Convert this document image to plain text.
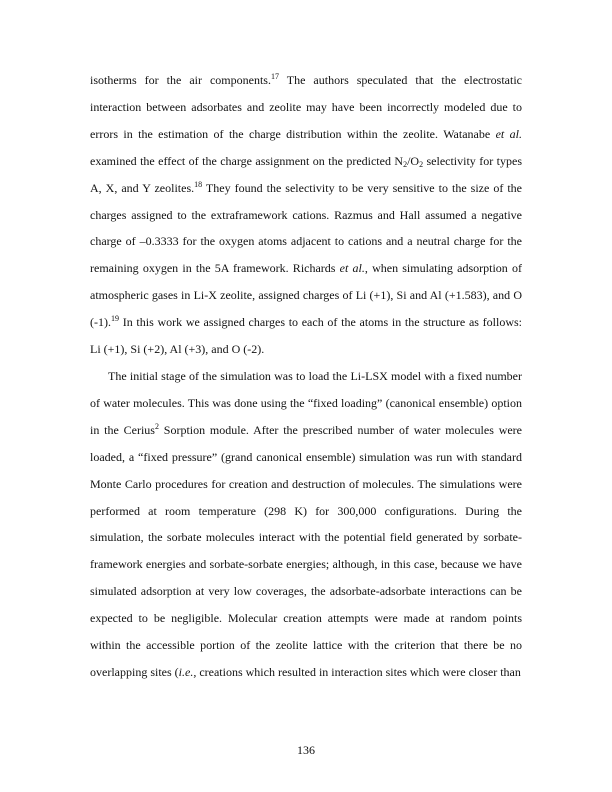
isotherms for the air components.$^{17}$ The authors speculated that the electrostatic interaction between adsorbates and zeolite may have been incorrectly modeled due to errors in the estimation of the charge distribution within the zeolite. Watanabe et al. examined the effect of the charge assignment on the predicted $N_2/O_2$ selectivity for types A, X, and Y zeolites.$^{18}$ They found the selectivity to be very sensitive to the size of the charges assigned to the extraframework cations. Razmus and Hall assumed a negative charge of –0.3333 for the oxygen atoms adjacent to cations and a neutral charge for the remaining oxygen in the 5A framework. Richards et al., when simulating adsorption of atmospheric gases in Li-X zeolite, assigned charges of Li (+1), Si and Al (+1.583), and O (-1).$^{19}$ In this work we assigned charges to each of the atoms in the structure as follows: Li (+1), Si (+2), Al (+3), and O (-2).

The initial stage of the simulation was to load the Li-LSX model with a fixed number of water molecules. This was done using the “fixed loading” (canonical ensemble) option in the Cerius$^2$ Sorption module. After the prescribed number of water molecules were loaded, a “fixed pressure” (grand canonical ensemble) simulation was run with standard Monte Carlo procedures for creation and destruction of molecules. The simulations were performed at room temperature (298 K) for 300,000 configurations. During the simulation, the sorbate molecules interact with the potential field generated by sorbate-framework energies and sorbate-sorbate energies; although, in this case, because we have simulated adsorption at very low coverages, the adsorbate-adsorbate interactions can be expected to be negligible. Molecular creation attempts were made at random points within the accessible portion of the zeolite lattice with the criterion that there be no overlapping sites (i.e., creations which resulted in interaction sites which were closer than

136
